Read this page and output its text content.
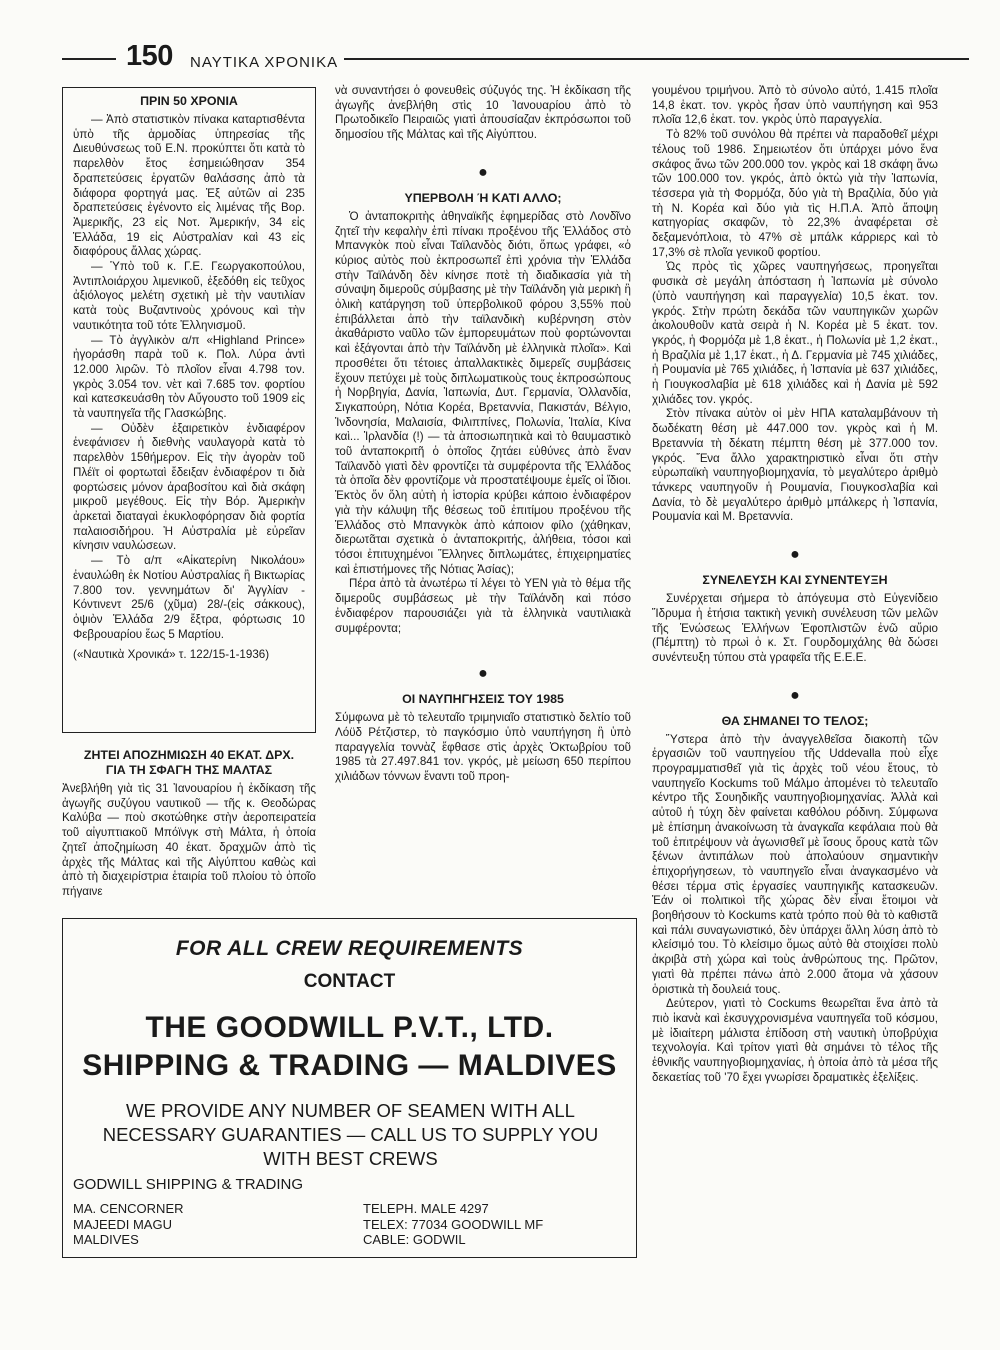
150 ΝΑΥΤΙΚΑ ΧΡΟΝΙΚΑ
ΠΡΙΝ 50 ΧΡΟΝΙΑ

— Ἀπὸ στατιστικὸν πίνακα καταρτισθέντα ὑπὸ τῆς ἁρμοδίας ὑπηρεσίας τῆς Διευθύνσεως τοῦ Ε.Ν. προκύπτει ὅτι κατὰ τὸ παρελθὸν ἔτος ἐσημειώθησαν 354 δραπετεύσεις ἐργατῶν θαλάσσης ἀπὸ τὰ διάφορα φορτηγά μας. Ἐξ αὐτῶν αἱ 235 δραπετεύσεις ἐγένοντο εἰς λιμένας τῆς Βορ. Ἀμερικῆς, 23 εἰς Νοτ. Ἀμερικήν, 34 εἰς Ἑλλάδα, 19 εἰς Αὐστραλίαν καὶ 43 εἰς διαφόρους ἄλλας χώρας.

— Ὑπὸ τοῦ κ. Γ.Ε. Γεωργακοπούλου, Ἀντιπλοιάρχου λιμενικοῦ, ἐξεδόθη εἰς τεῦχος ἀξιόλογος μελέτη σχετικὴ μὲ τὴν ναυτιλίαν κατὰ τοὺς Βυζαντινοὺς χρόνους καὶ τὴν ναυτικότητα τοῦ τότε Ἑλληνισμοῦ.

— Τὸ ἀγγλικὸν α/π «Highland Prince» ἠγοράσθη παρὰ τοῦ κ. Πολ. Λύρα ἀντὶ 12.000 λιρῶν. Τὸ πλοῖον εἶναι 4.798 τον. γκρὸς 3.054 τον. νὲτ καὶ 7.685 τον. φορτίου καὶ κατεσκευάσθη τὸν Αὔγουστο τοῦ 1909 εἰς τὰ ναυπηγεῖα τῆς Γλασκώβης.

— Οὐδὲν ἐξαιρετικὸν ἐνδιαφέρον ἐνεφάνισεν ἡ διεθνὴς ναυλαγορὰ κατὰ τὸ παρελθὸν 15θήμερον. Εἰς τὴν ἀγορὰν τοῦ Πλέϊτ οἱ φορτωταὶ ἔδειξαν ἐνδιαφέρον τι διὰ φορτώσεις μόνον ἀραβοσίτου καὶ διὰ σκάφη μικροῦ μεγέθους. Εἰς τὴν Βόρ. Ἀμερικὴν ἀρκεταὶ διαταγαὶ ἐκυκλοφόρησαν διὰ φορτία παλαιοσιδήρου. Ἡ Αὐστραλία μὲ εὐρεῖαν κίνησιν ναυλώσεων.

— Τὸ α/π «Αἰκατερίνη Νικολάου» ἐναυλώθη ἐκ Νοτίου Αὐστραλίας ἢ Βικτωρίας 7.800 τον. γεννημάτων δι' Ἀγγλίαν - Κόντινεντ 25/6 (χῦμα) 28/-(εἰς σάκκους), ὀψιὸν Ἑλλάδα 2/9 ἔξτρα, φόρτωσις 10 Φεβρουαρίου ἕως 5 Μαρτίου.

(«Ναυτικὰ Χρονικά» τ. 122/15-1-1936)

ΖΗΤΕΙ ΑΠΟΖΗΜΙΩΣΗ 40 ΕΚΑΤ. ΔΡΧ.
ΓΙΑ ΤΗ ΣΦΑΓΗ ΤΗΣ ΜΑΛΤΑΣ

Ἀνεβλήθη γιὰ τὶς 31 Ἰανουαρίου ἡ ἐκδίκαση τῆς ἀγωγῆς συζύγου ναυτικοῦ — τῆς κ. Θεοδώρας Καλύβα — ποὺ σκοτώθηκε στὴν ἀεροπειρατεία τοῦ αἰγυπτιακοῦ Μπόϊνγκ στὴ Μάλτα, ἡ ὁποία ζητεῖ ἀποζημίωση 40 ἑκατ. δραχμῶν ἀπὸ τὶς ἀρχὲς τῆς Μάλτας καὶ τῆς Αἰγύπτου καθὼς καὶ ἀπὸ τὴ διαχειρίστρια ἑταιρία τοῦ πλοίου τὸ ὁποῖο πήγαινε

νὰ συναντήσει ὁ φονευθεὶς σύζυγός της. Ἡ ἐκδίκαση τῆς ἀγωγῆς ἀνεβλήθη στὶς 10 Ἰανουαρίου ἀπὸ τὸ Πρωτοδικεῖο Πειραιῶς γιατὶ ἀπουσίαζαν ἐκπρόσωποι τοῦ δημοσίου τῆς Μάλτας καὶ τῆς Αἰγύπτου.

●
ΥΠΕΡΒΟΛΗ Ή ΚΑΤΙ ΑΛΛΟ;

Ὁ ἀνταποκριτὴς ἀθηναϊκῆς ἐφημερίδας στὸ Λονδῖνο ζητεῖ τὴν κεφαλὴν ἐπὶ πίνακι προξένου τῆς Ἑλλάδος στὸ Μπανγκὸκ ποὺ εἶναι Ταϊλανδὸς διότι, ὅπως γράφει, «ὁ κύριος αὐτὸς ποὺ ἐκπροσωπεῖ ἐπὶ χρόνια τὴν Ἑλλάδα στὴν Ταϊλάνδη δὲν κίνησε ποτὲ τὴ διαδικασία γιὰ τὴ σύναψη διμεροῦς σύμβασης μὲ τὴν Ταϊλάνδη γιὰ μερικὴ ἢ ὁλικὴ κατάργηση τοῦ ὑπερβολικοῦ φόρου 3,55% ποὺ ἐπιβάλλεται ἀπὸ τὴν ταϊλανδικὴ κυβέρνηση στὸν ἀκαθάριστο ναῦλο τῶν ἐμπορευμάτων ποὺ φορτώνονται καὶ ἐξάγονται ἀπὸ τὴν Ταϊλάνδη μὲ ἑλληνικὰ πλοῖα». Καὶ προσθέτει ὅτι τέτοιες ἀπαλλακτικὲς διμερεῖς συμβάσεις ἔχουν πετύχει μὲ τοὺς διπλωματικοὺς τους ἐκπροσώπους ἡ Νορβηγία, Δανία, Ἰαπωνία, Δυτ. Γερμανία, Ὁλλανδία, Σιγκαπούρη, Νότια Κορέα, Βρεταννία, Πακιστάν, Βέλγιο, Ἰνδονησία, Μαλαισία, Φιλιππίνες, Πολωνία, Ἰταλία, Κίνα καὶ... Ἰρλανδία (!) — τὰ ἀποσιωπητικὰ καὶ τὸ θαυμαστικὸ τοῦ ἀνταποκριτῆ ὁ ὁποῖος ζητάει εὐθύνες ἀπὸ ἕναν Ταϊλανδὸ γιατὶ δὲν φροντίζει τὰ συμφέροντα τῆς Ἑλλάδος τὰ ὁποῖα δὲν φροντίζομε νὰ προστατέψουμε ἐμεῖς οἱ ἴδιοι. Ἐκτὸς ὅν ὅλη αὐτὴ ἡ ἱστορία κρύβει κάποιο ἐνδιαφέρον γιὰ τὴν κάλυψη τῆς θέσεως τοῦ ἐπιτίμου προξένου τῆς Ἑλλάδος στὸ Μπανγκὸκ ἀπὸ κάποιον φίλο (χάθηκαν, διερωτᾶται σχετικὰ ὁ ἀνταποκριτής, ἀλήθεια, τόσοι καὶ τόσοι ἐπιτυχημένοι Ἕλληνες διπλωμάτες, ἐπιχειρηματίες καὶ ἐπιστήμονες τῆς Νότιας Ἀσίας);

Πέρα ἀπὸ τὰ ἀνωτέρω τί λέγει τὸ ΥΕΝ γιὰ τὸ θέμα τῆς διμεροῦς συμβάσεως μὲ τὴν Ταϊλάνδη καὶ πόσο ἐνδιαφέρον παρουσιάζει γιὰ τὰ ἑλληνικὰ ναυτιλιακὰ συμφέροντα;

●
ΟΙ ΝΑΥΠΗΓΗΣΕΙΣ ΤΟΥ 1985

Σύμφωνα μὲ τὸ τελευταῖο τριμηνιαῖο στατιστικὸ δελτίο τοῦ Λόϋδ Ρέτζιστερ, τὸ παγκόσμιο ὑπὸ ναυπήγηση ἢ ὑπὸ παραγγελία τοννὰζ ἔφθασε στὶς ἀρχὲς Ὀκτωβρίου τοῦ 1985 τὰ 27.497.841 τον. γκρός, μὲ μείωση 650 περίπου χιλιάδων τόννων ἔναντι τοῦ προη-

γουμένου τριμήνου. Ἀπὸ τὸ σύνολο αὐτό, 1.415 πλοῖα 14,8 ἑκατ. τον. γκρὸς ἦσαν ὑπὸ ναυπήγηση καὶ 953 πλοῖα 12,6 ἑκατ. τον. γκρὸς ὑπὸ παραγγελία.

Τὸ 82% τοῦ συνόλου θὰ πρέπει νὰ παραδοθεῖ μέχρι τέλους τοῦ 1986. Σημειωτέον ὅτι ὑπάρχει μόνο ἕνα σκάφος ἄνω τῶν 200.000 τον. γκρὸς καὶ 18 σκάφη ἄνω τῶν 100.000 τον. γκρός, ἀπὸ ὀκτὼ γιὰ τὴν Ἰαπωνία, τέσσερα γιὰ τὴ Φορμόζα, δύο γιὰ τὴ Βραζιλία, δύο γιὰ τὴ Ν. Κορέα καὶ δύο γιὰ τὶς Η.Π.Α. Ἀπὸ ἄποψη κατηγορίας σκαφῶν, τὸ 22,3% ἀναφέρεται σὲ δεξαμενόπλοια, τὸ 47% σὲ μπάλκ κάρριερς καὶ τὸ 17,3% σὲ πλοῖα γενικοῦ φορτίου.

Ὡς πρὸς τὶς χῶρες ναυπηγήσεως, προηγεῖται φυσικὰ σὲ μεγάλη ἀπόσταση ἡ Ἰαπωνία μὲ σύνολο (ὑπὸ ναυπήγηση καὶ παραγγελία) 10,5 ἑκατ. τον. γκρός. Στὴν πρώτη δεκάδα τῶν ναυπηγικῶν χωρῶν ἀκολουθοῦν κατὰ σειρὰ ἡ Ν. Κορέα μὲ 5 ἑκατ. τον. γκρός, ἡ Φορμόζα μὲ 1,8 ἑκατ., ἡ Πολωνία μὲ 1,2 ἑκατ., ἡ Βραζιλία μὲ 1,17 ἑκατ., ἡ Δ. Γερμανία μὲ 745 χιλιάδες, ἡ Ρουμανία μὲ 765 χιλιάδες, ἡ Ἰσπανία μὲ 637 χιλιάδες, ἡ Γιουγκοσλαβία μὲ 618 χιλιάδες καὶ ἡ Δανία μὲ 592 χιλιάδες τον. γκρός.

Στὸν πίνακα αὐτὸν οἱ μὲν ΗΠΑ καταλαμβάνουν τὴ δωδέκατη θέση μὲ 447.000 τον. γκρὸς καὶ ἡ Μ. Βρεταννία τὴ δέκατη πέμπτη θέση μὲ 377.000 τον. γκρός. Ἕνα ἄλλο χαρακτηριστικὸ εἶναι ὅτι στὴν εὐρωπαϊκὴ ναυπηγοβιομηχανία, τὸ μεγαλύτερο ἀριθμὸ τάνκερς ναυπηγοῦν ἡ Ρουμανία, Γιουγκοσλαβία καὶ Δανία, τὸ δὲ μεγαλύτερο ἀριθμὸ μπάλκερς ἡ Ἰσπανία, Ρουμανία καὶ Μ. Βρεταννία.

●
ΣΥΝΕΛΕΥΣΗ ΚΑΙ ΣΥΝΕΝΤΕΥΞΗ

Συνέρχεται σήμερα τὸ ἀπόγευμα στὸ Εὐγενίδειο Ἵδρυμα ἡ ἐτήσια τακτικὴ γενικὴ συνέλευση τῶν μελῶν τῆς Ἑνώσεως Ἑλλήνων Ἐφοπλιστῶν ἐνῶ αὔριο (Πέμπτη) τὸ πρωὶ ὁ κ. Στ. Γουρδομιχάλης θὰ δώσει συνέντευξη τύπου στὰ γραφεῖα τῆς Ε.Ε.Ε.

●
ΘΑ ΣΗΜΑΝΕΙ ΤΟ ΤΕΛΟΣ;

Ὕστερα ἀπὸ τὴν ἀναγγελθεῖσα διακοπὴ τῶν ἐργασιῶν τοῦ ναυπηγείου τῆς Uddevalla ποὺ εἶχε προγραμματισθεῖ γιὰ τὶς ἀρχὲς τοῦ νέου ἔτους, τὸ ναυπηγεῖο Kockums τοῦ Μάλμο ἀπομένει τὸ τελευταῖο κέντρο τῆς Σουηδικῆς ναυπηγοβιομηχανίας. Ἀλλὰ καὶ αὐτοῦ ἡ τύχη δὲν φαίνεται καθόλου ρόδινη. Σύμφωνα μὲ ἐπίσημη ἀνακοίνωση τὰ ἀναγκαῖα κεφάλαια ποὺ θὰ τοῦ ἐπιτρέψουν νὰ ἀγωνισθεῖ μὲ ἴσους ὅρους κατὰ τῶν ξένων ἀντιπάλων ποὺ ἀπολαύουν σημαντικὴν ἐπιχορήγησεων, τὸ ναυπηγεῖο εἶναι ἀναγκασμένο νὰ θέσει τέρμα στὶς ἐργασίες ναυπηγικῆς κατασκευῶν. Ἐάν οἱ πολιτικοὶ τῆς χώρας δὲν εἶναι ἕτοιμοι νὰ βοηθήσουν τὸ Kockums κατὰ τρόπο ποὺ θὰ τὸ καθιστᾶ καὶ πάλι συναγωνιστικό, δὲν ὑπάρχει ἄλλη λύση ἀπὸ τὸ κλείσιμό του. Τὸ κλείσιμο ὅμως αὐτὸ θὰ στοιχίσει πολὺ ἀκριβὰ στὴ χώρα καὶ τοὺς ἀνθρώπους της. Πρῶτον, γιατὶ θὰ πρέπει πάνω ἀπὸ 2.000 ἄτομα νὰ χάσουν ὁριστικὰ τὴ δουλειά τους.

Δεύτερον, γιατὶ τὸ Cockums θεωρεῖται ἕνα ἀπὸ τὰ πιὸ ἱκανὰ καὶ ἐκσυγχρονισμένα ναυπηγεῖα τοῦ κόσμου, μὲ ἰδιαίτερη μάλιστα ἐπίδοση στὴ ναυτικὴ ὑποβρύχια τεχνολογία. Καὶ τρίτον γιατὶ θὰ σημάνει τὸ τέλος τῆς ἑθνικῆς ναυπηγοβιομηχανίας, ἡ ὁποία ἀπὸ τὰ μέσα τῆς δεκαετίας τοῦ '70 ἔχει γνωρίσει δραματικὲς ἐξελίξεις.

FOR ALL CREW REQUIREMENTS
CONTACT
THE GOODWILL P.V.T., LTD.
SHIPPING & TRADING — MALDIVES
WE PROVIDE ANY NUMBER OF SEAMEN WITH ALL NECESSARY GUARANTIES — CALL US TO SUPPLY YOU WITH BEST CREWS
GODWILL SHIPPING & TRADING
MA. CENCORNER
MAJEEDI MAGU
MALDIVES
TELEPH. MALE 4297
TELEX: 77034 GOODWILL MF
CABLE: GODWIL
